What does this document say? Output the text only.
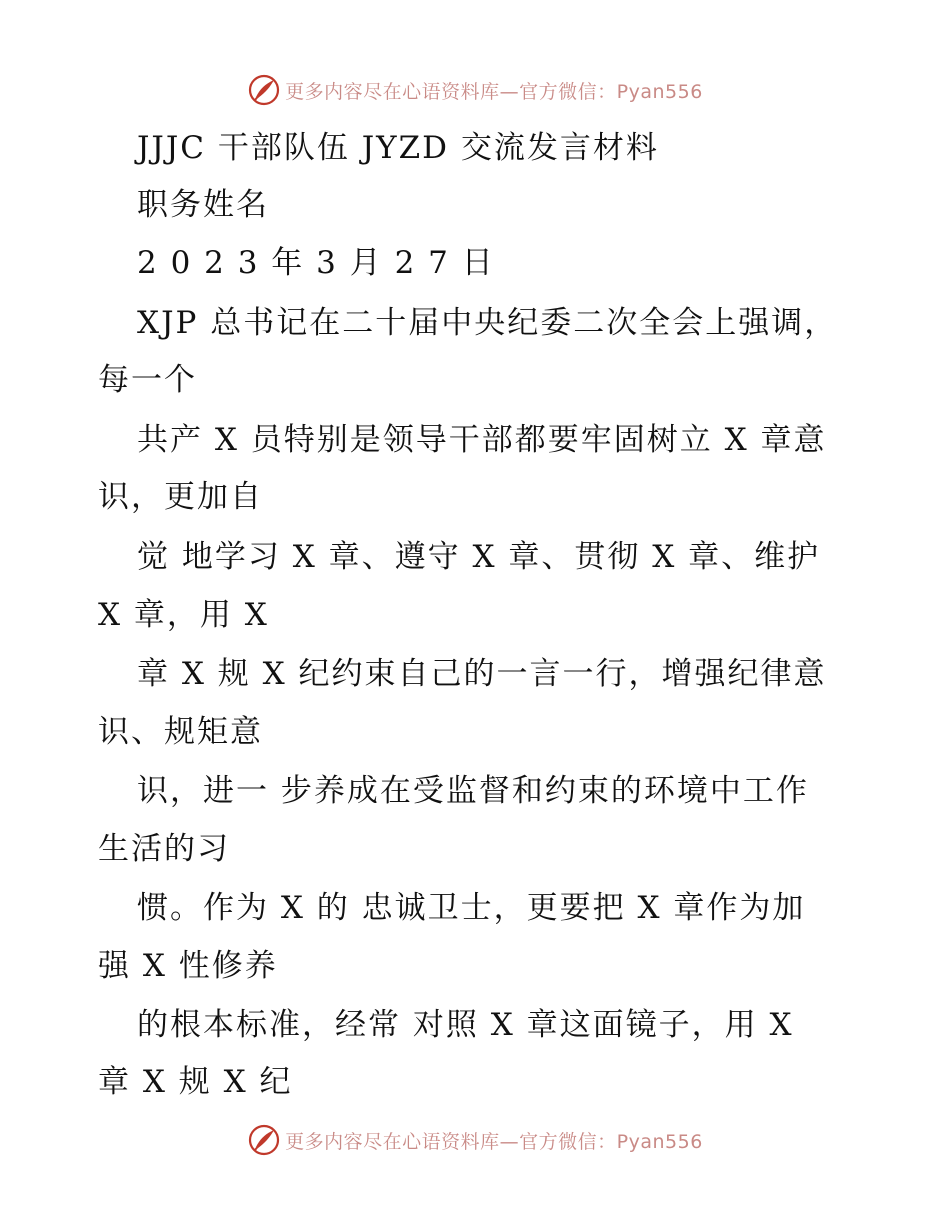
更多内容尽在心语资料库—官方微信：Pyan556
JJJC 干部队伍 JYZD 交流发言材料
职务姓名
2 0 2 3 年 3 月 2 7 日
XJP 总书记在二十届中央纪委二次全会上强调，
每一个
共产 X 员特别是领导干部都要牢固树立 X 章意
识，更加自
觉 地学习 X 章、遵守 X 章、贯彻 X 章、维护
X 章，用 X
章 X 规 X 纪约束自己的一言一行，增强纪律意
识、规矩意
识，进一 步养成在受监督和约束的环境中工作
生活的习
惯。作为 X 的 忠诚卫士，更要把 X 章作为加
强 X 性修养
的根本标准，经常 对照 X 章这面镜子，用 X
章 X 规 X 纪
更多内容尽在心语资料库—官方微信：Pyan556
